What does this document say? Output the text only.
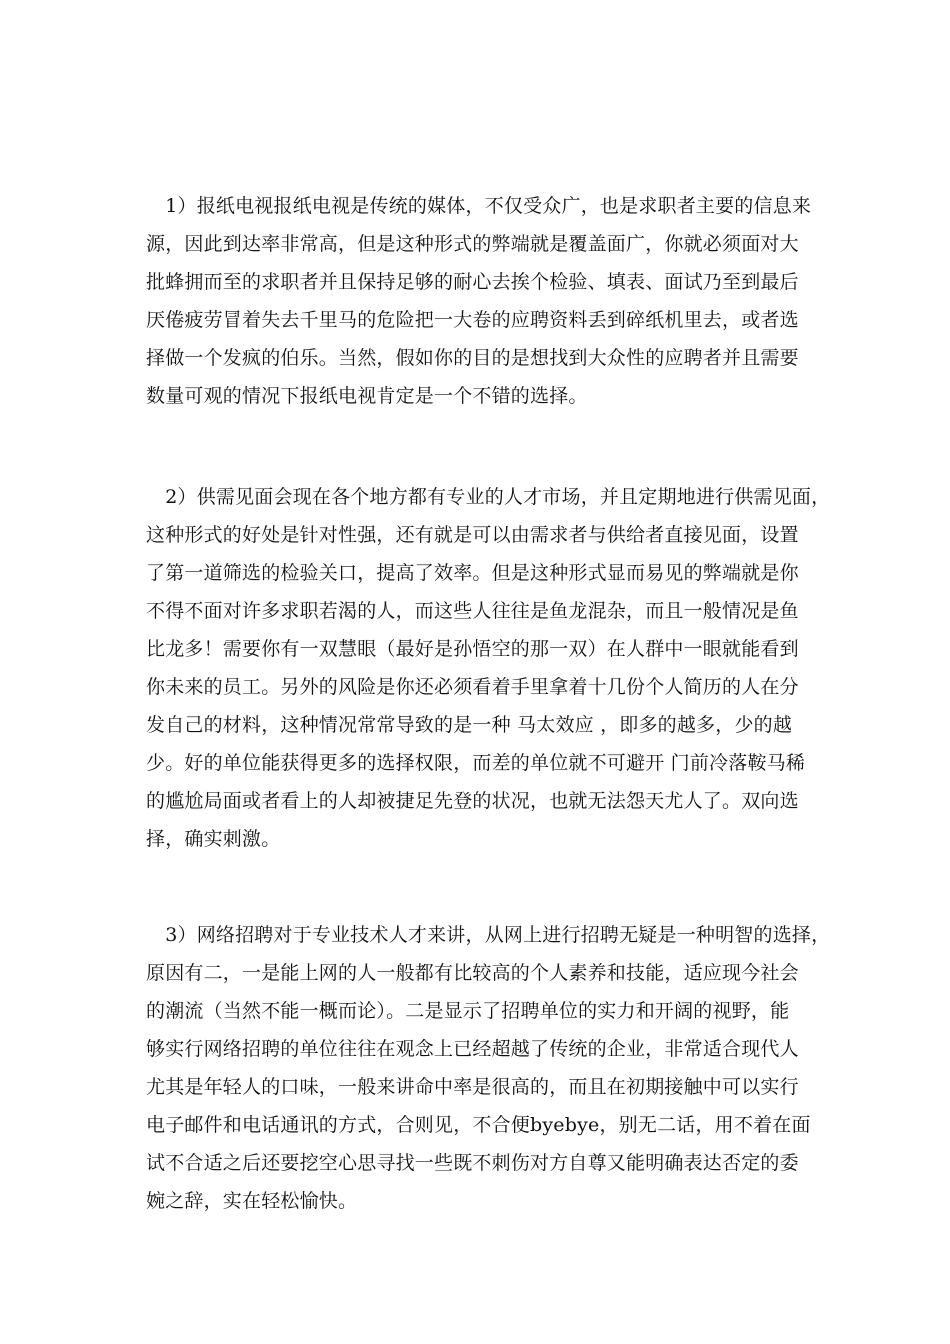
　1）报纸电视报纸电视是传统的媒体，不仅受众广，也是求职者主要的信息来
源，因此到达率非常高，但是这种形式的弊端就是覆盖面广，你就必须面对大
批蜂拥而至的求职者并且保持足够的耐心去挨个检验、填表、面试乃至到最后
厌倦疲劳冒着失去千里马的危险把一大卷的应聘资料丢到碎纸机里去，或者选
择做一个发疯的伯乐。当然，假如你的目的是想找到大众性的应聘者并且需要
数量可观的情况下报纸电视肯定是一个不错的选择。

　2）供需见面会现在各个地方都有专业的人才市场，并且定期地进行供需见面，
这种形式的好处是针对性强，还有就是可以由需求者与供给者直接见面，设置
了第一道筛选的检验关口，提高了效率。但是这种形式显而易见的弊端就是你
不得不面对许多求职若渴的人，而这些人往往是鱼龙混杂，而且一般情况是鱼
比龙多！需要你有一双慧眼（最好是孙悟空的那一双）在人群中一眼就能看到
你未来的员工。另外的风险是你还必须看着手里拿着十几份个人简历的人在分
发自己的材料，这种情况常常导致的是一种 马太效应 ，即多的越多，少的越
少。好的单位能获得更多的选择权限，而差的单位就不可避开 门前冷落鞍马稀
的尴尬局面或者看上的人却被捷足先登的状况，也就无法怨天尤人了。双向选
择，确实刺激。

　3）网络招聘对于专业技术人才来讲，从网上进行招聘无疑是一种明智的选择，
原因有二，一是能上网的人一般都有比较高的个人素养和技能，适应现今社会
的潮流（当然不能一概而论）。二是显示了招聘单位的实力和开阔的视野，能
够实行网络招聘的单位往往在观念上已经超越了传统的企业，非常适合现代人
尤其是年轻人的口味，一般来讲命中率是很高的，而且在初期接触中可以实行
电子邮件和电话通讯的方式，合则见，不合便byebye，别无二话，用不着在面
试不合适之后还要挖空心思寻找一些既不刺伤对方自尊又能明确表达否定的委
婉之辞，实在轻松愉快。
